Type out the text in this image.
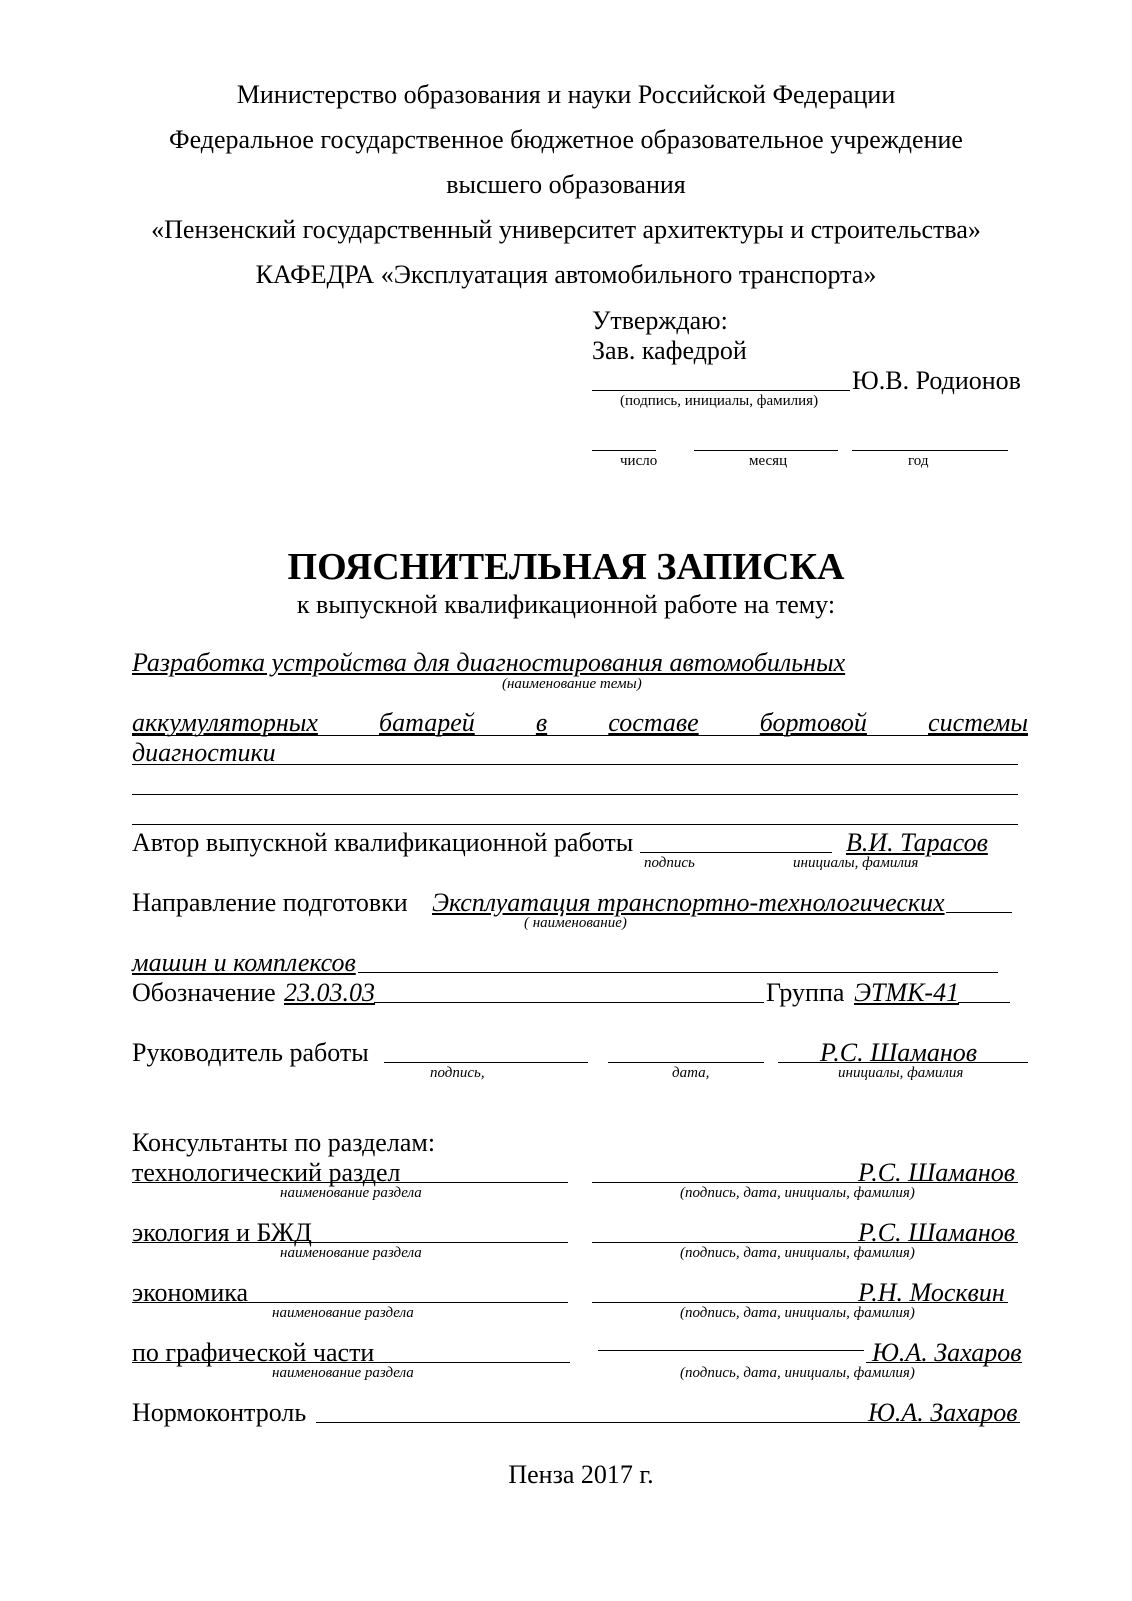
Министерство образования и науки Российской Федерации
Федеральное государственное бюджетное образовательное учреждение
высшего образования
«Пензенский государственный университет архитектуры и строительства»
КАФЕДРА «Эксплуатация автомобильного транспорта»
Утверждаю:
Зав. кафедрой
Ю.В. Родионов
(подпись, инициалы, фамилия)
число	месяц	год
ПОЯСНИТЕЛЬНАЯ ЗАПИСКА
к выпускной квалификационной работе на тему:
Разработка устройства для диагностирования автомобильных
(наименование темы)
аккумуляторных батарей в составе бортовой системы
диагностики
Автор выпускной квалификационной работы	В.И. Тарасов
подпись	инициалы, фамилия
Направление подготовки Эксплуатация транспортно-технологических
( наименование)
машин и комплексов
Обозначение 23.03.03	Группа ЭТМК-41
Руководитель работы	Р.С. Шаманов
подпись,	дата,	инициалы, фамилия
Консультанты по разделам:
технологический раздел	Р.С. Шаманов
наименование раздела	(подпись, дата, инициалы, фамилия)
экология и БЖД	Р.С. Шаманов
наименование раздела	(подпись, дата, инициалы, фамилия)
экономика	Р.Н. Москвин
наименование раздела	(подпись, дата, инициалы, фамилия)
по графической части	Ю.А. Захаров
наименование раздела	(подпись, дата, инициалы, фамилия)
Нормоконтроль	Ю.А. Захаров
Пенза 2017 г.
